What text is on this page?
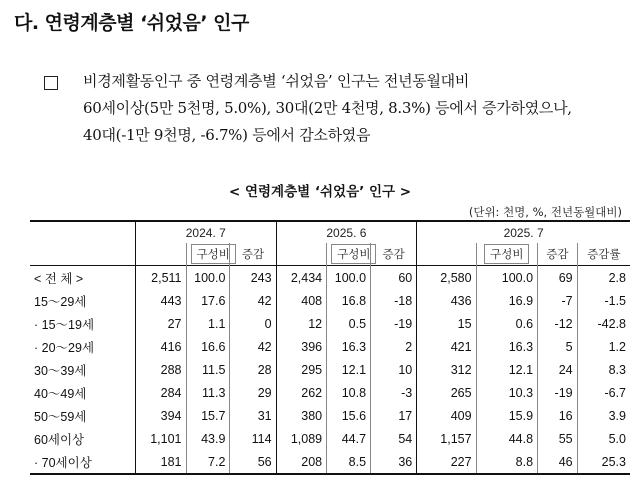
다. 연령계층별 ‘쉬었음’ 인구
비경제활동인구 중 연령계층별 ‘쉬었음’ 인구는 전년동월대비
60세이상(5만 5천명, 5.0%), 30대(2만 4천명, 8.3%) 등에서 증가하였으나,
40대(-1만 9천명, -6.7%) 등에서 감소하였음
< 연령계층별 ‘쉬었음’ 인구 >
(단위: 천명, %, 전년동월대비)
	2024. 7			2025. 6			2025. 7			
		구성비	증감		구성비	증감		구성비	증감	증감률
< 전 체 >	2,511	100.0	243	2,434	100.0	60	2,580	100.0	69	2.8
15～29세	443	17.6	42	408	16.8	-18	436	16.9	-7	-1.5
· 15～19세	27	1.1	0	12	0.5	-19	15	0.6	-12	-42.8
· 20～29세	416	16.6	42	396	16.3	2	421	16.3	5	1.2
30～39세	288	11.5	28	295	12.1	10	312	12.1	24	8.3
40～49세	284	11.3	29	262	10.8	-3	265	10.3	-19	-6.7
50～59세	394	15.7	31	380	15.6	17	409	15.9	16	3.9
60세이상	1,101	43.9	114	1,089	44.7	54	1,157	44.8	55	5.0
· 70세이상	181	7.2	56	208	8.5	36	227	8.8	46	25.3
